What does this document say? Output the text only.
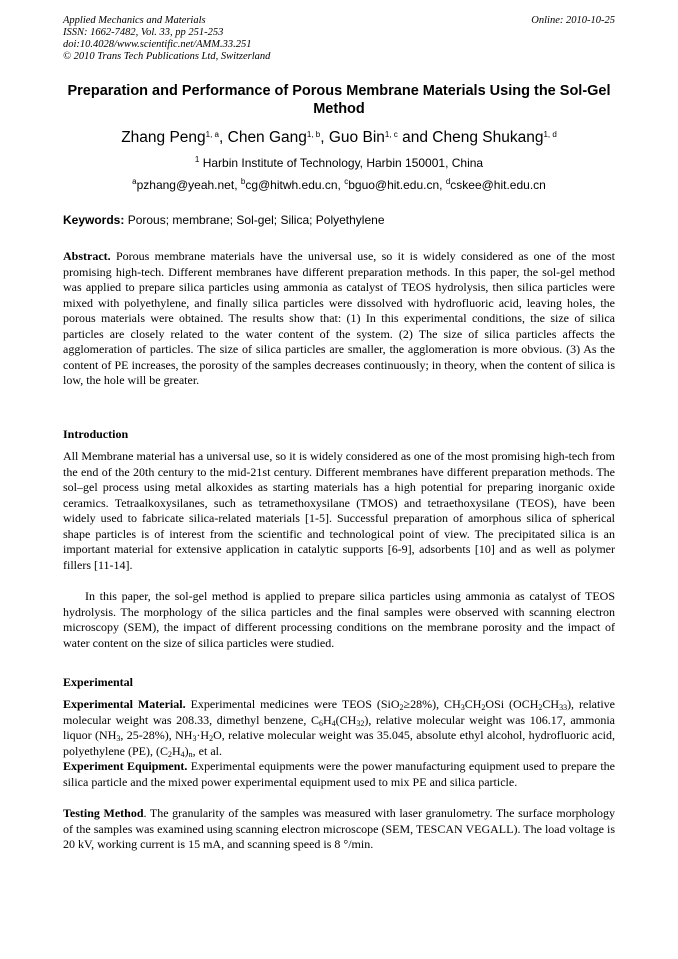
Applied Mechanics and Materials
ISSN: 1662-7482, Vol. 33, pp 251-253
doi:10.4028/www.scientific.net/AMM.33.251
© 2010 Trans Tech Publications Ltd, Switzerland
Online: 2010-10-25
Preparation and Performance of Porous Membrane Materials Using the Sol-Gel Method
Zhang Peng$^{1, a}$, Chen Gang$^{1, b}$, Guo Bin$^{1, c}$ and Cheng Shukang$^{1, d}$
$^1$ Harbin Institute of Technology, Harbin 150001, China
$^a$pzhang@yeah.net, $^b$cg@hitwh.edu.cn, $^c$bguo@hit.edu.cn, $^d$cskee@hit.edu.cn
Keywords: Porous; membrane; Sol-gel; Silica; Polyethylene
Abstract. Porous membrane materials have the universal use, so it is widely considered as one of the most promising high-tech. Different membranes have different preparation methods. In this paper, the sol-gel method was applied to prepare silica particles using ammonia as catalyst of TEOS hydrolysis, then silica particles were mixed with polyethylene, and finally silica particles were dissolved with hydrofluoric acid, leaving holes, the porous materials were obtained. The results show that: (1) In this experimental conditions, the size of silica particles are closely related to the water content of the system. (2) The size of silica particles affects the agglomeration of particles. The size of silica particles are smaller, the agglomeration is more obvious. (3) As the content of PE increases, the porosity of the samples decreases continuously; in theory, when the content of silica is low, the hole will be greater.
Introduction
All Membrane material has a universal use, so it is widely considered as one of the most promising high-tech from the end of the 20th century to the mid-21st century. Different membranes have different preparation methods. The sol–gel process using metal alkoxides as starting materials has a high potential for preparing inorganic oxide ceramics. Tetraalkoxysilanes, such as tetramethoxysilane (TMOS) and tetraethoxysilane (TEOS), have been widely used to fabricate silica-related materials [1-5]. Successful preparation of amorphous silica of spherical shape particles is of interest from the scientific and technological point of view. The precipitated silica is an important material for extensive application in catalytic supports [6-9], adsorbents [10] and as well as polymer fillers [11-14].
In this paper, the sol-gel method is applied to prepare silica particles using ammonia as catalyst of TEOS hydrolysis. The morphology of the silica particles and the final samples were observed with scanning electron microscopy (SEM), the impact of different processing conditions on the membrane porosity and the impact of water content on the size of silica particles were studied.
Experimental
Experimental Material. Experimental medicines were TEOS (SiO$_2$≥28%), $CH_3CH_2OSi$ $(OCH_2CH_33)$, relative molecular weight was 208.33, dimethyl benzene, $C_6H_4(CH_32)$, relative molecular weight was 106.17, ammonia liquor ($NH_3$, 25-28%), $NH_3\cdot H_2O$, relative molecular weight was 35.045, absolute ethyl alcohol, hydrofluoric acid, polyethylene (PE), $(C_2H_4)_n$, et al.
Experiment Equipment. Experimental equipments were the power manufacturing equipment used to prepare the silica particle and the mixed power experimental equipment used to mix PE and silica particle.
Testing Method. The granularity of the samples was measured with laser granulometry. The surface morphology of the samples was examined using scanning electron microscope (SEM, TESCAN VEGALL). The load voltage is 20 kV, working current is 15 mA, and scanning speed is 8 °/min.
